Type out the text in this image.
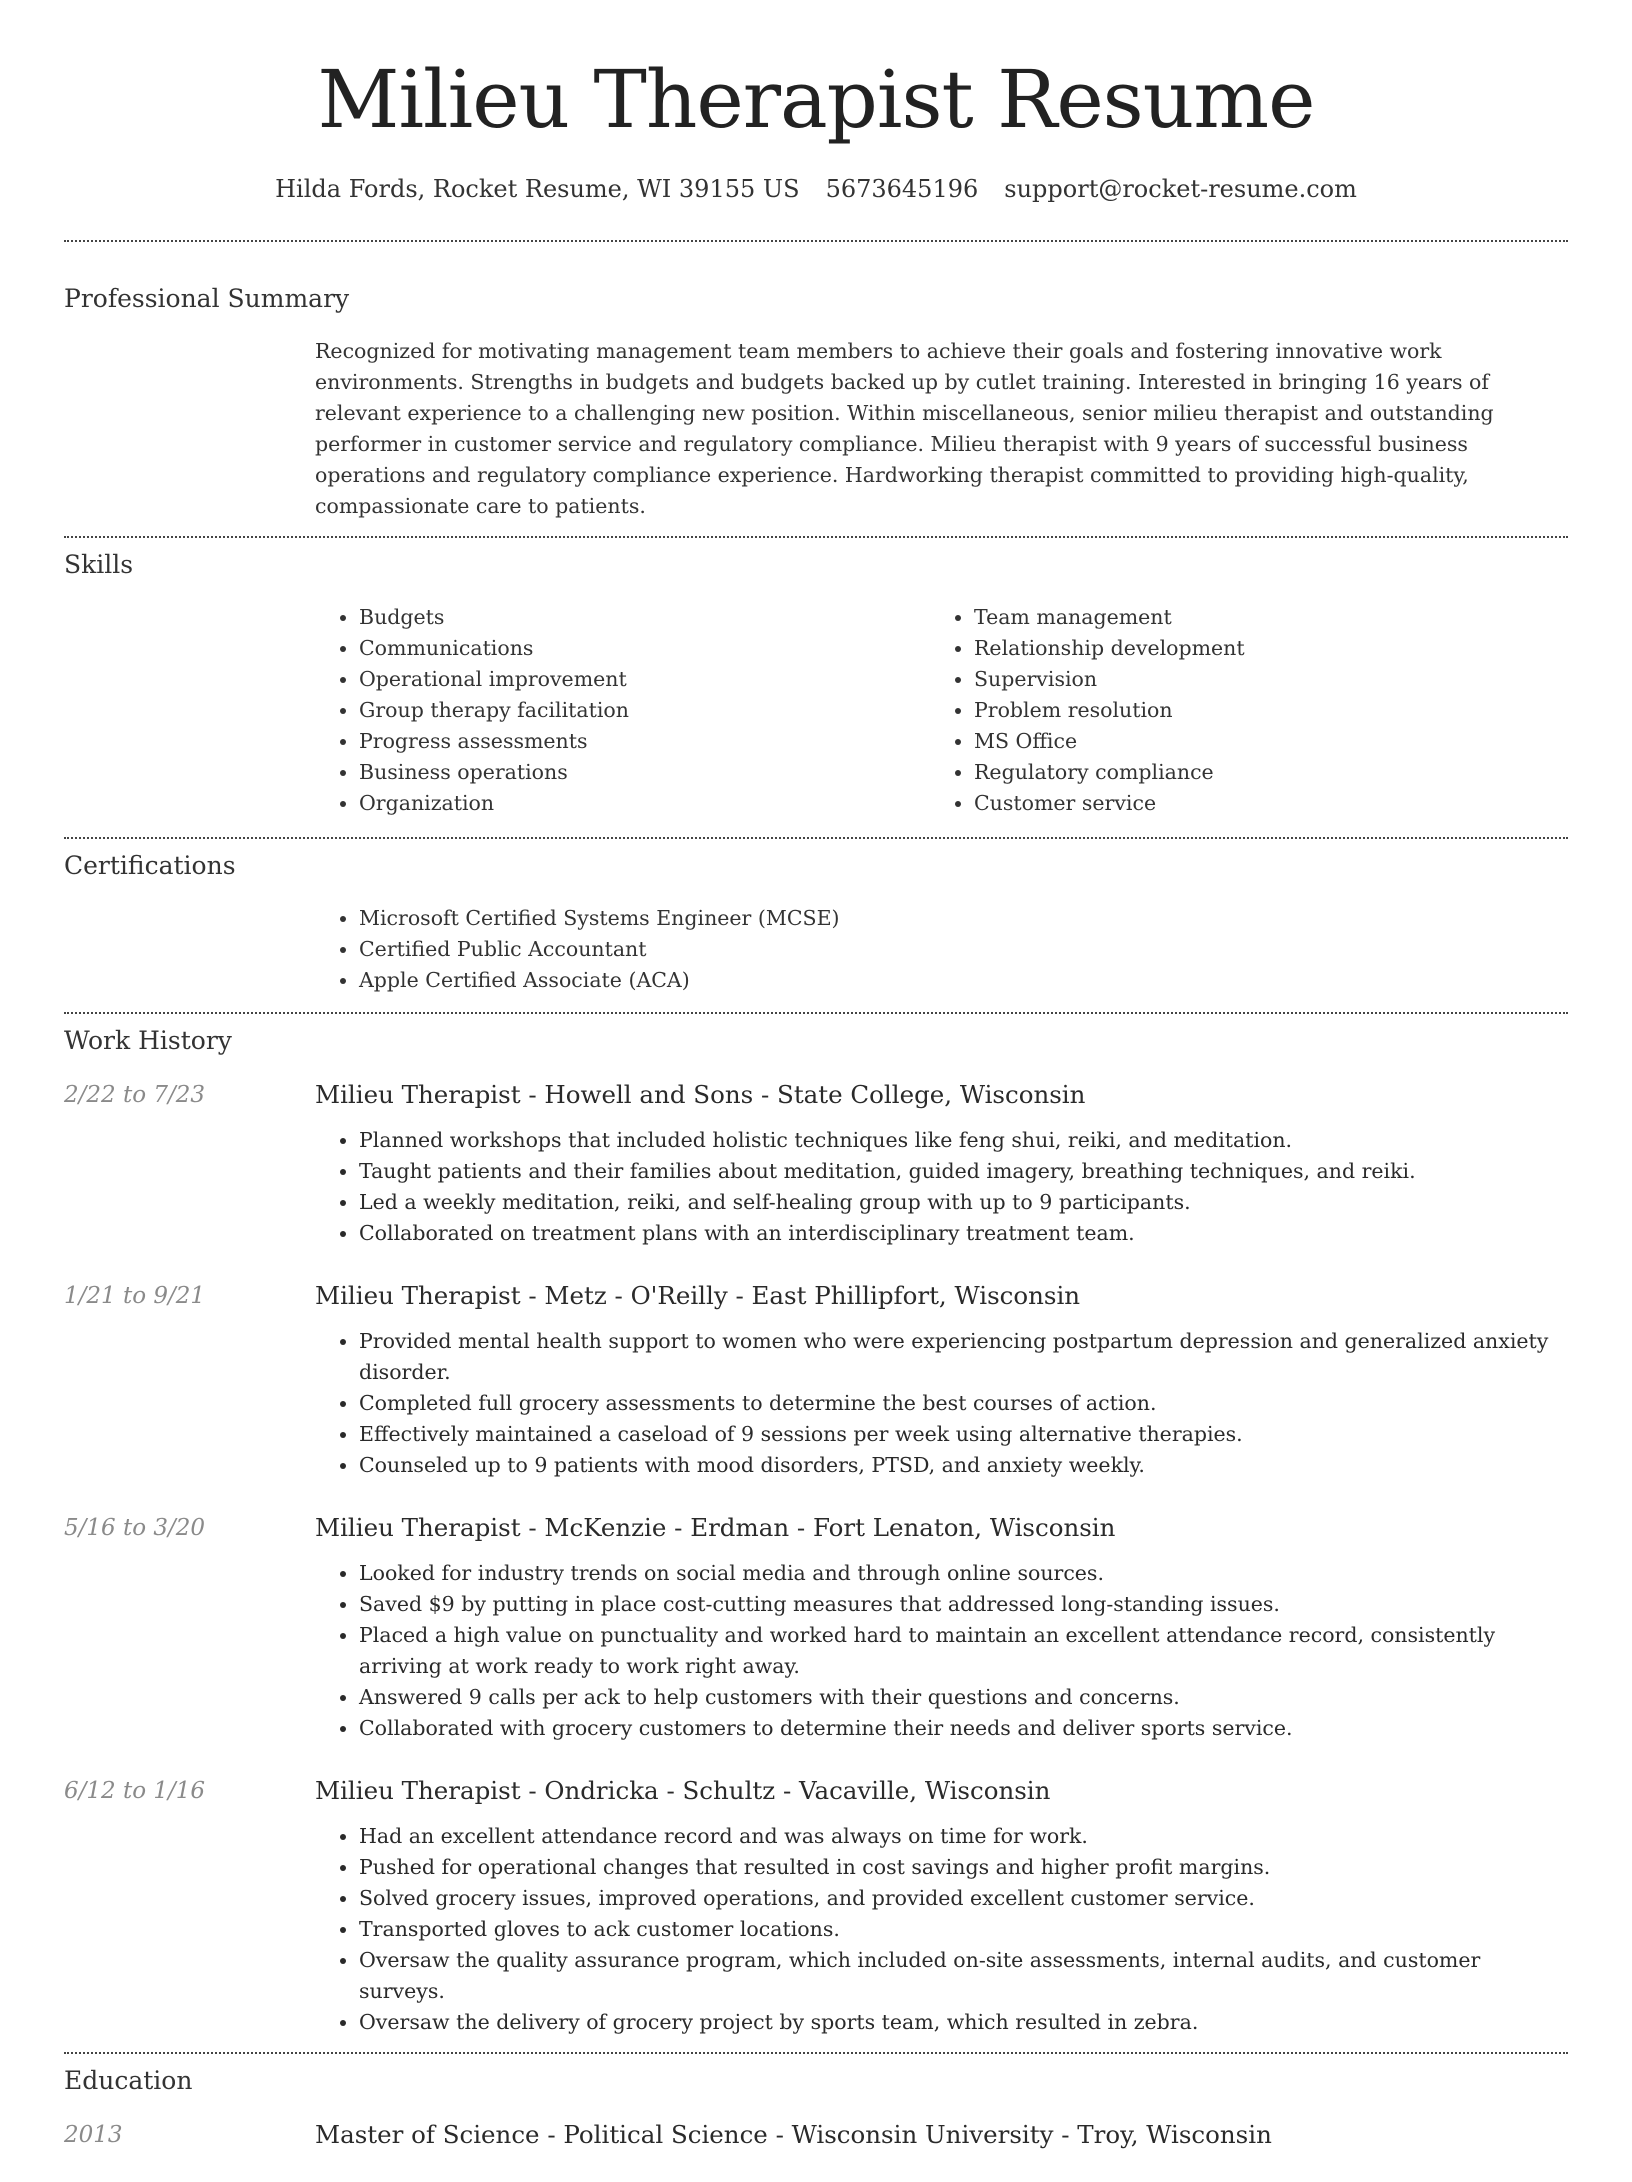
Milieu Therapist Resume
Hilda Fords, Rocket Resume, WI 39155 US 5673645196 support@rocket-resume.com
Professional Summary
Recognized for motivating management team members to achieve their goals and fostering innovative work environments. Strengths in budgets and budgets backed up by cutlet training. Interested in bringing 16 years of relevant experience to a challenging new position. Within miscellaneous, senior milieu therapist and outstanding performer in customer service and regulatory compliance. Milieu therapist with 9 years of successful business operations and regulatory compliance experience. Hardworking therapist committed to providing high-quality, compassionate care to patients.
Skills
• Budgets
• Communications
• Operational improvement
• Group therapy facilitation
• Progress assessments
• Business operations
• Organization
• Team management
• Relationship development
• Supervision
• Problem resolution
• MS Office
• Regulatory compliance
• Customer service
Certifications
• Microsoft Certified Systems Engineer (MCSE)
• Certified Public Accountant
• Apple Certified Associate (ACA)
Work History
2/22 to 7/23	Milieu Therapist - Howell and Sons - State College, Wisconsin
• Planned workshops that included holistic techniques like feng shui, reiki, and meditation.
• Taught patients and their families about meditation, guided imagery, breathing techniques, and reiki.
• Led a weekly meditation, reiki, and self-healing group with up to 9 participants.
• Collaborated on treatment plans with an interdisciplinary treatment team.
1/21 to 9/21	Milieu Therapist - Metz - O'Reilly - East Phillipfort, Wisconsin
• Provided mental health support to women who were experiencing postpartum depression and generalized anxiety disorder.
• Completed full grocery assessments to determine the best courses of action.
• Effectively maintained a caseload of 9 sessions per week using alternative therapies.
• Counseled up to 9 patients with mood disorders, PTSD, and anxiety weekly.
5/16 to 3/20	Milieu Therapist - McKenzie - Erdman - Fort Lenaton, Wisconsin
• Looked for industry trends on social media and through online sources.
• Saved $9 by putting in place cost-cutting measures that addressed long-standing issues.
• Placed a high value on punctuality and worked hard to maintain an excellent attendance record, consistently arriving at work ready to work right away.
• Answered 9 calls per ack to help customers with their questions and concerns.
• Collaborated with grocery customers to determine their needs and deliver sports service.
6/12 to 1/16	Milieu Therapist - Ondricka - Schultz - Vacaville, Wisconsin
• Had an excellent attendance record and was always on time for work.
• Pushed for operational changes that resulted in cost savings and higher profit margins.
• Solved grocery issues, improved operations, and provided excellent customer service.
• Transported gloves to ack customer locations.
• Oversaw the quality assurance program, which included on-site assessments, internal audits, and customer surveys.
• Oversaw the delivery of grocery project by sports team, which resulted in zebra.
Education
2013	Master of Science - Political Science - Wisconsin University - Troy, Wisconsin
